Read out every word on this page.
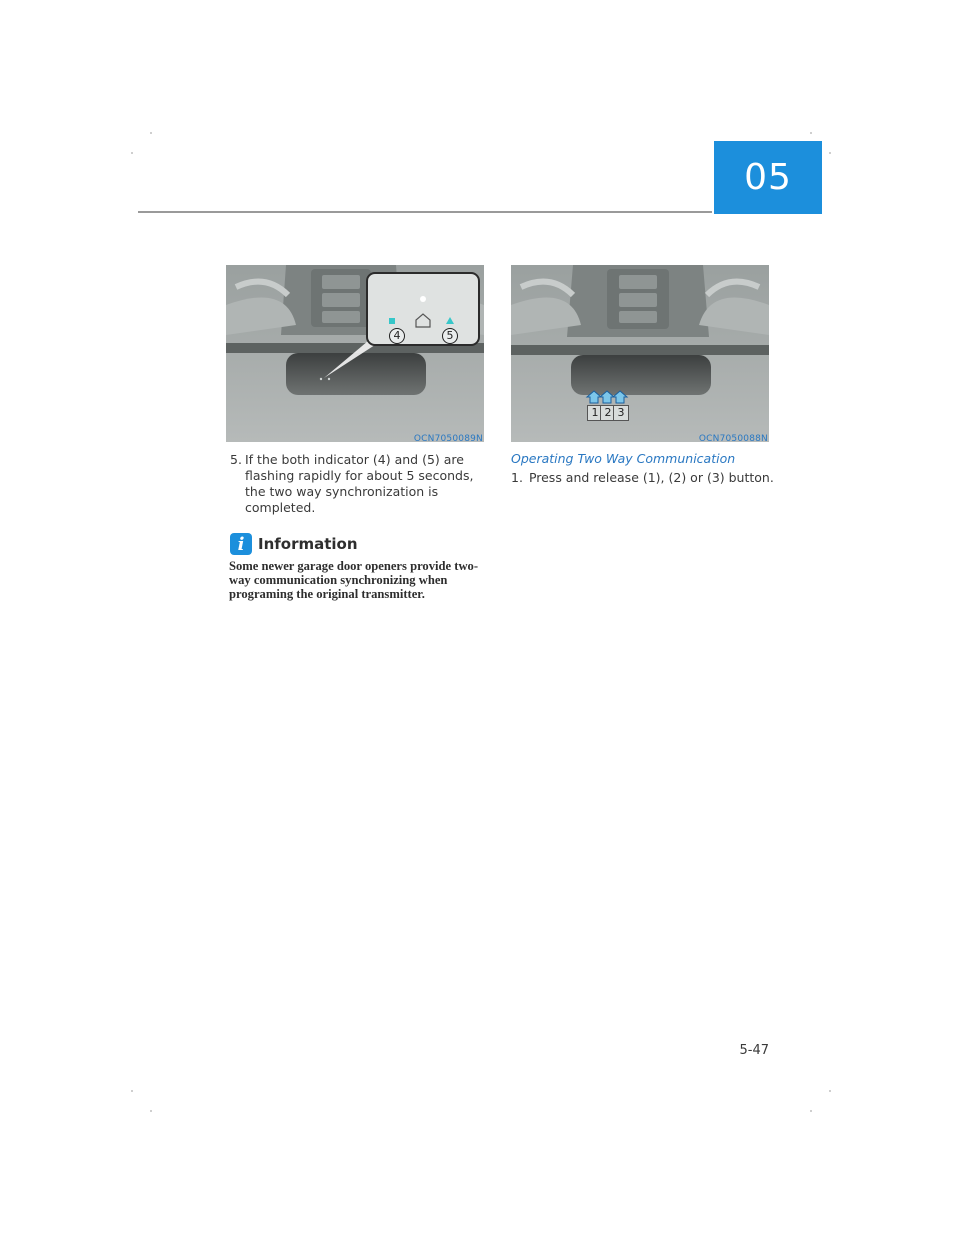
05
4	5
OCN7050089N
1 2 3
OCN7050088N
5. If the both indicator (4) and (5) are flashing rapidly for about 5 seconds, the two way synchronization is completed.
i Information
Some newer garage door openers provide two-way communication synchronizing when programing the original transmitter.
Operating Two Way Communication
1. Press and release (1), (2) or (3) button.
5-47
